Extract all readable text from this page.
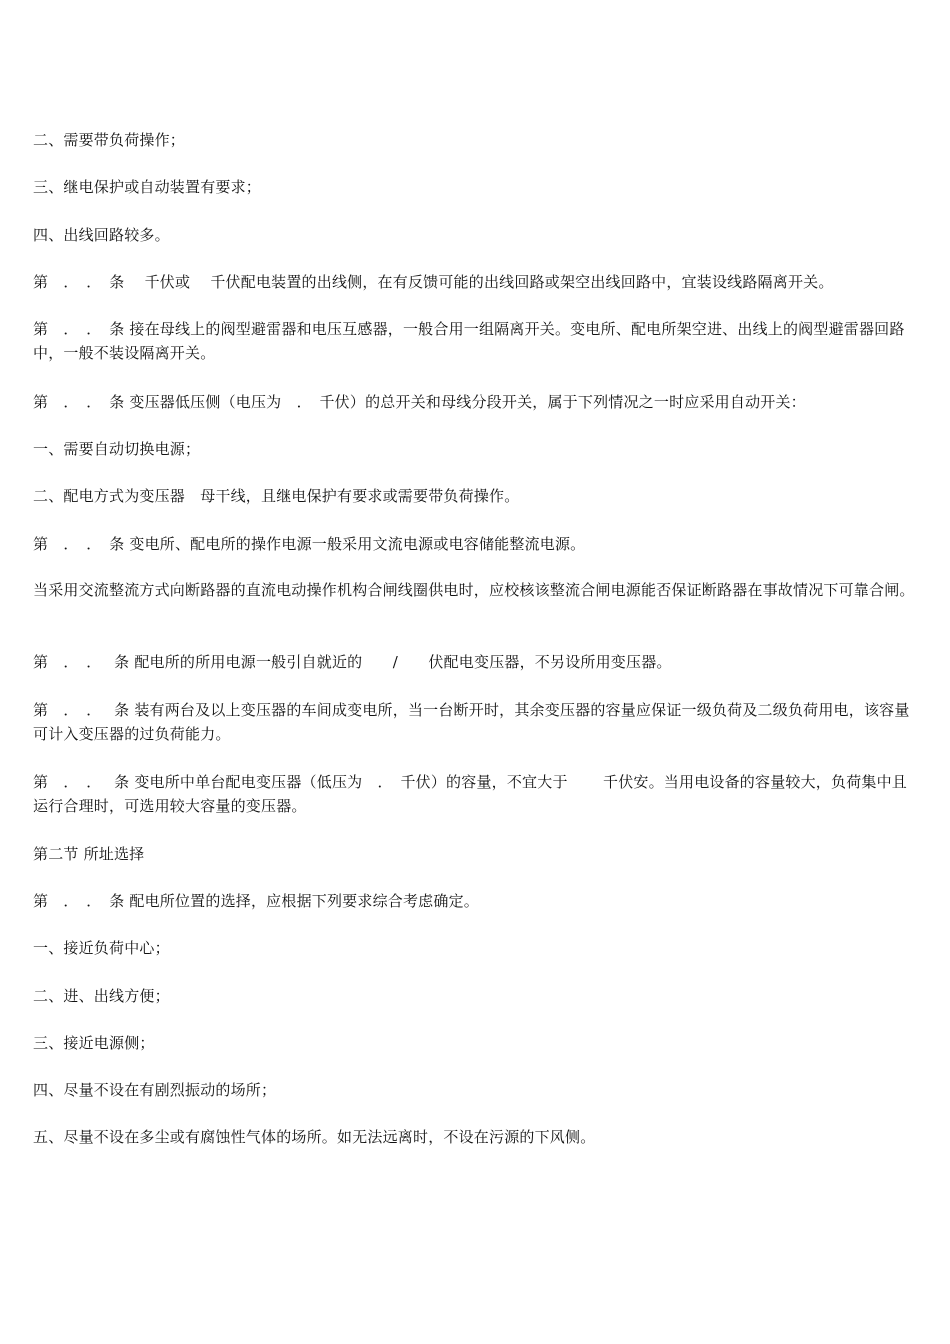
二、需要带负荷操作；

三、继电保护或自动装置有要求；

四、出线回路较多。

第　．　．　条　 千伏或　 千伏配电装置的出线侧，在有反馈可能的出线回路或架空出线回路中，宜装设线路隔离开关。

第　．　．　条 接在母线上的阀型避雷器和电压互感器，一般合用一组隔离开关。变电所、配电所架空进、出线上的阀型避雷器回路中，一般不装设隔离开关。

第　．　．　条 变压器低压侧（电压为　．　千伏）的总开关和母线分段开关，属于下列情况之一时应采用自动开关：

一、需要自动切换电源；

二、配电方式为变压器　母干线，且继电保护有要求或需要带负荷操作。

第　．　．　条 变电所、配电所的操作电源一般采用文流电源或电容储能整流电源。

当采用交流整流方式向断路器的直流电动操作机构合闸线圈供电时，应校核该整流合闸电源能否保证断路器在事故情况下可靠合闸。

第　．　．　 条 配电所的所用电源一般引自就近的　　/　　伏配电变压器，不另设所用变压器。

第　．　．　 条 装有两台及以上变压器的车间成变电所，当一台断开时，其余变压器的容量应保证一级负荷及二级负荷用电，该容量可计入变压器的过负荷能力。

第　．　．　 条 变电所中单台配电变压器（低压为　．　千伏）的容量，不宜大于　　 千伏安。当用电设备的容量较大，负荷集中且运行合理时，可选用较大容量的变压器。

第二节 所址选择

第　．　．　条 配电所位置的选择，应根据下列要求综合考虑确定。

一、接近负荷中心；

二、进、出线方便；

三、接近电源侧；

四、尽量不设在有剧烈振动的场所；

五、尽量不设在多尘或有腐蚀性气体的场所。如无法远离时，不设在污源的下风侧。
